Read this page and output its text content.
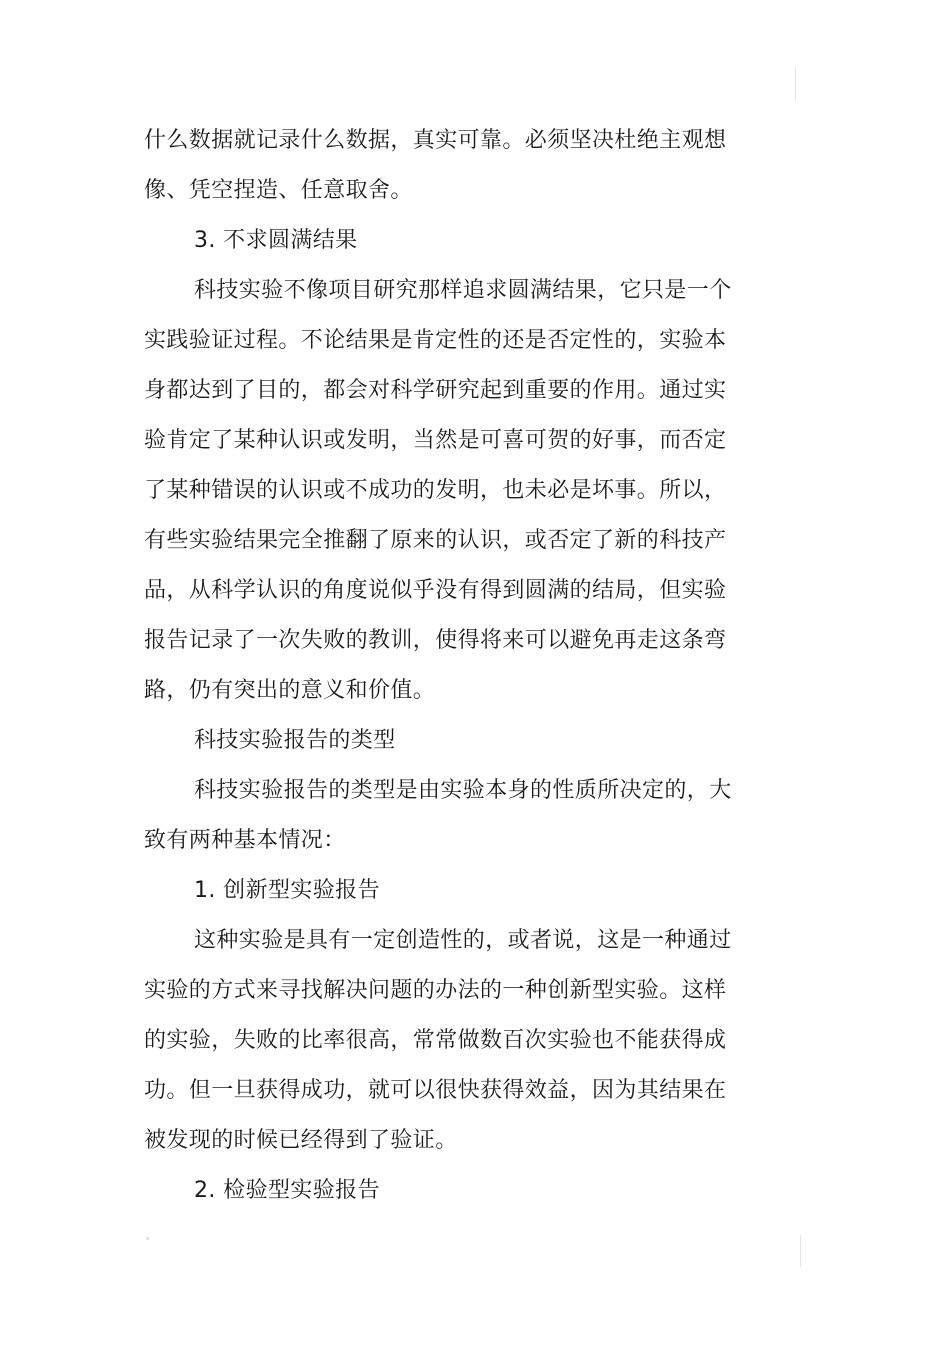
什么数据就记录什么数据，真实可靠。必须坚决杜绝主观想
像、凭空捏造、任意取舍。
3. 不求圆满结果
科技实验不像项目研究那样追求圆满结果，它只是一个
实践验证过程。不论结果是肯定性的还是否定性的，实验本
身都达到了目的，都会对科学研究起到重要的作用。通过实
验肯定了某种认识或发明，当然是可喜可贺的好事，而否定
了某种错误的认识或不成功的发明，也未必是坏事。所以，
有些实验结果完全推翻了原来的认识，或否定了新的科技产
品，从科学认识的角度说似乎没有得到圆满的结局，但实验
报告记录了一次失败的教训，使得将来可以避免再走这条弯
路，仍有突出的意义和价值。
科技实验报告的类型
科技实验报告的类型是由实验本身的性质所决定的，大
致有两种基本情况：
1. 创新型实验报告
这种实验是具有一定创造性的，或者说，这是一种通过
实验的方式来寻找解决问题的办法的一种创新型实验。这样
的实验，失败的比率很高，常常做数百次实验也不能获得成
功。但一旦获得成功，就可以很快获得效益，因为其结果在
被发现的时候已经得到了验证。
2. 检验型实验报告
